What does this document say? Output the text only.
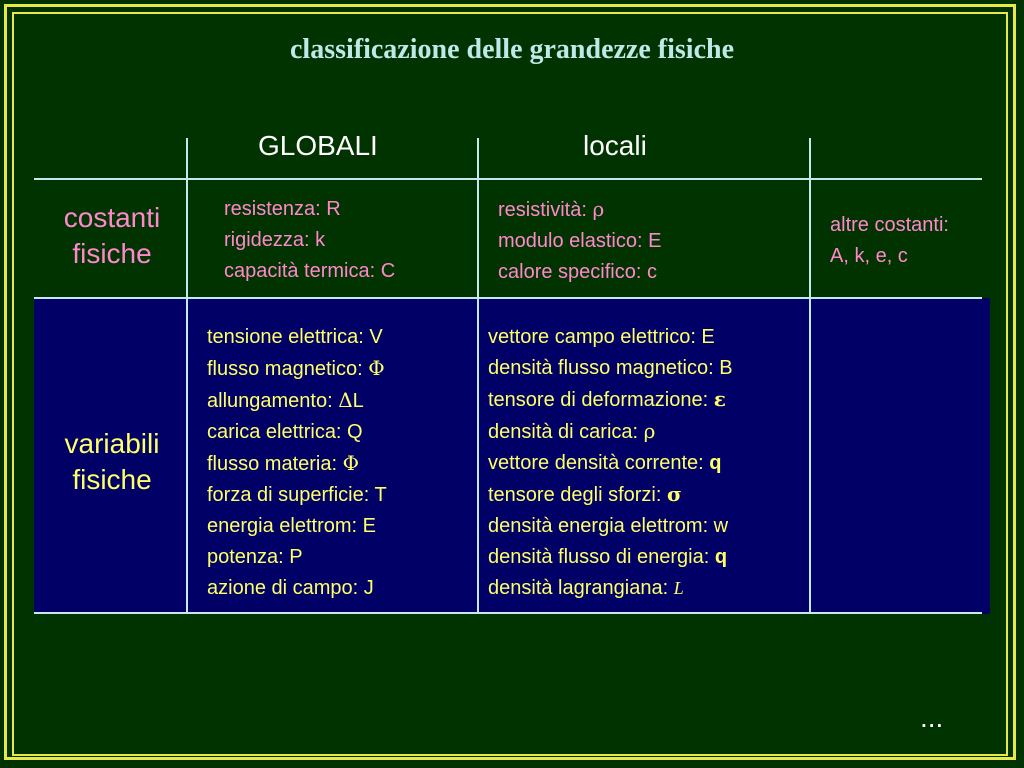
classificazione delle grandezze fisiche
GLOBALI	locali
costanti
fisiche
variabili
fisiche
resistenza: R
rigidezza: k
capacità termica: C
resistività: ρ
modulo elastico: E
calore specifico: c
altre costanti:
A, k, e, c
tensione elettrica: V
flusso magnetico: Φ
allungamento: ΔL
carica elettrica: Q
flusso materia: Φ
forza di superficie: T
energia elettrom: E
potenza: P
azione di campo: J
vettore campo elettrico: E
densità flusso magnetico: B
tensore di deformazione: ε
densità di carica: ρ
vettore densità corrente: q
tensore degli sforzi: σ
densità energia elettrom: w
densità flusso di energia: q
densità lagrangiana: L
...
